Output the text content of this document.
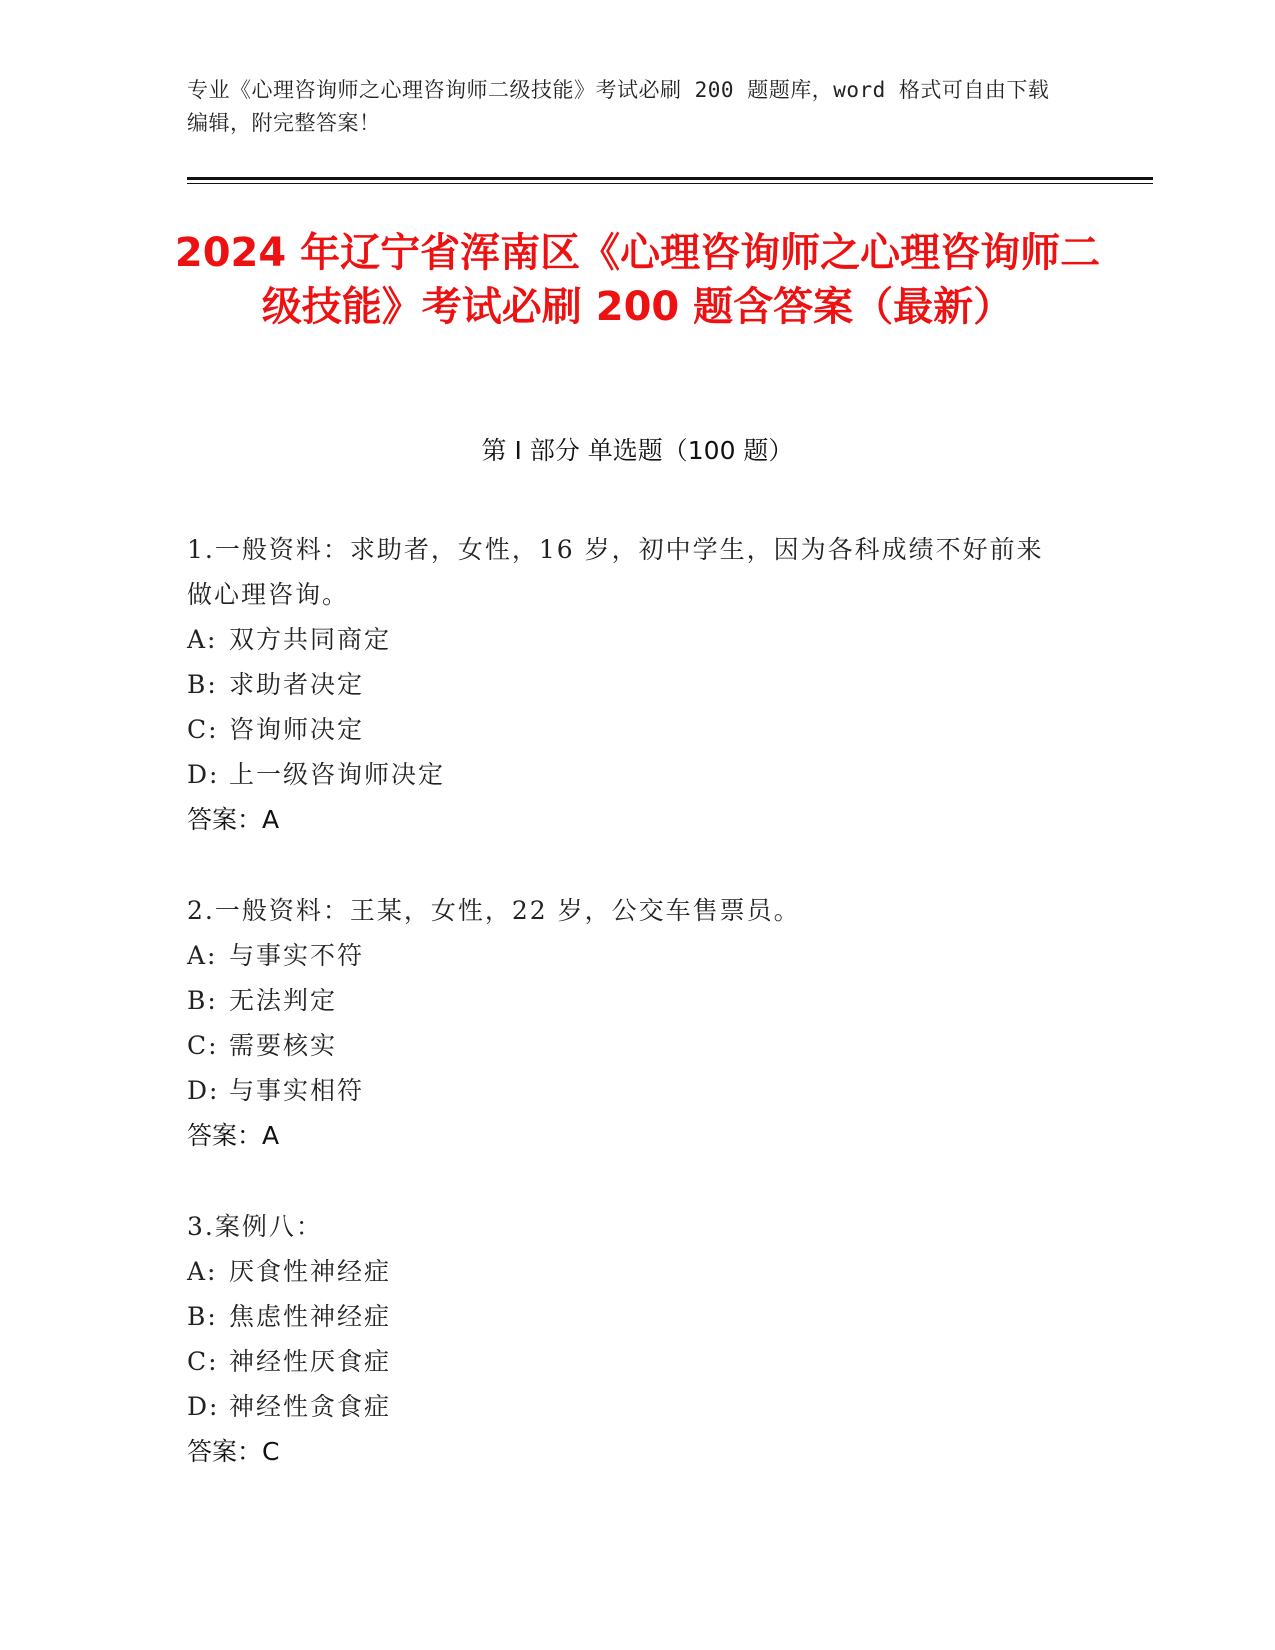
专业《心理咨询师之心理咨询师二级技能》考试必刷 200 题题库，word 格式可自由下载编辑，附完整答案！
2024 年辽宁省浑南区《心理咨询师之心理咨询师二级技能》考试必刷 200 题含答案（最新）
第 I 部分 单选题（100 题）
1.一般资料：求助者，女性，16 岁，初中学生，因为各科成绩不好前来做心理咨询。
A: 双方共同商定
B: 求助者决定
C: 咨询师决定
D: 上一级咨询师决定
答案：A
2.一般资料：王某，女性，22 岁，公交车售票员。
A: 与事实不符
B: 无法判定
C: 需要核实
D: 与事实相符
答案：A
3.案例八：
A: 厌食性神经症
B: 焦虑性神经症
C: 神经性厌食症
D: 神经性贪食症
答案：C
